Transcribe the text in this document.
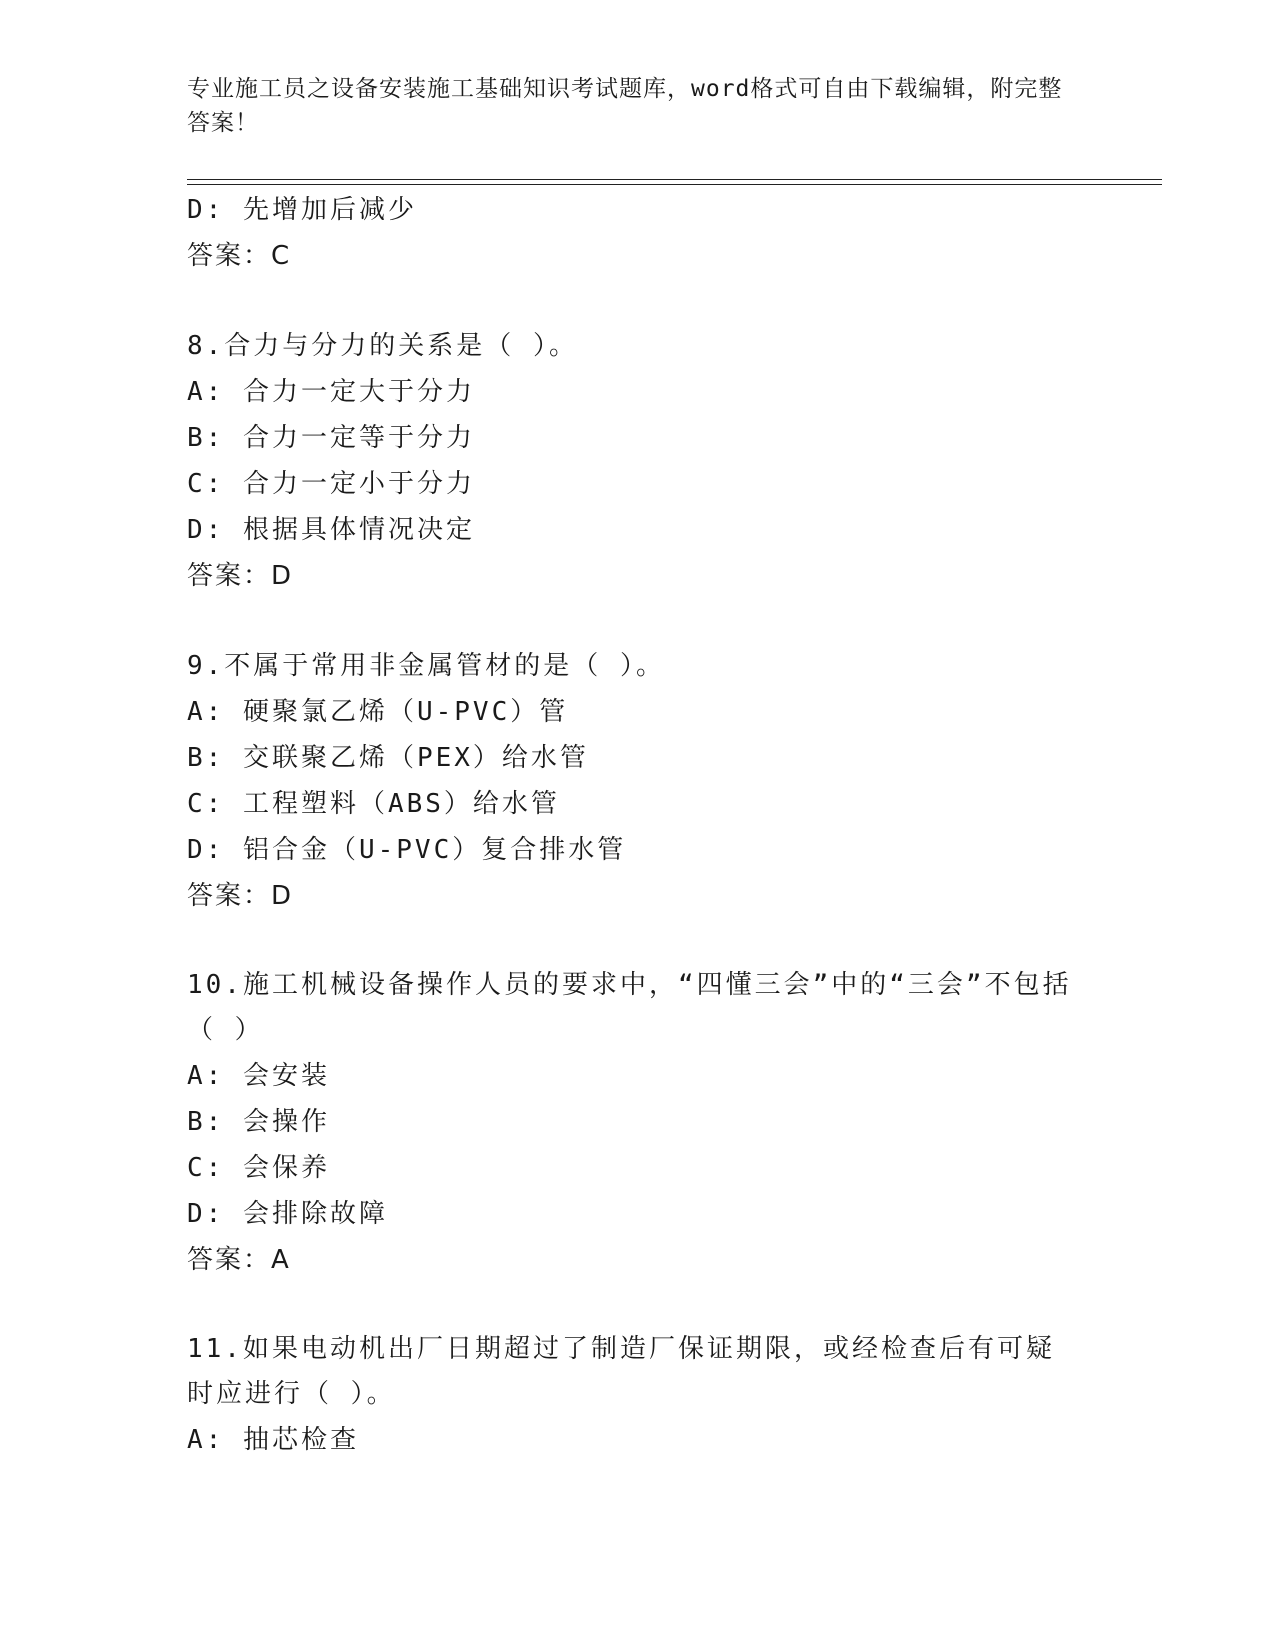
专业施工员之设备安装施工基础知识考试题库，word格式可自由下载编辑，附完整答案！
D: 先增加后减少
答案：C
8.合力与分力的关系是（ ）。
A: 合力一定大于分力
B: 合力一定等于分力
C: 合力一定小于分力
D: 根据具体情况决定
答案：D
9.不属于常用非金属管材的是（ ）。
A: 硬聚氯乙烯（U-PVC）管
B: 交联聚乙烯（PEX）给水管
C: 工程塑料（ABS）给水管
D: 铝合金（U-PVC）复合排水管
答案：D
10.施工机械设备操作人员的要求中，“四懂三会”中的“三会”不包括（ ）
A: 会安装
B: 会操作
C: 会保养
D: 会排除故障
答案：A
11.如果电动机出厂日期超过了制造厂保证期限，或经检查后有可疑时应进行（ ）。
A: 抽芯检查
